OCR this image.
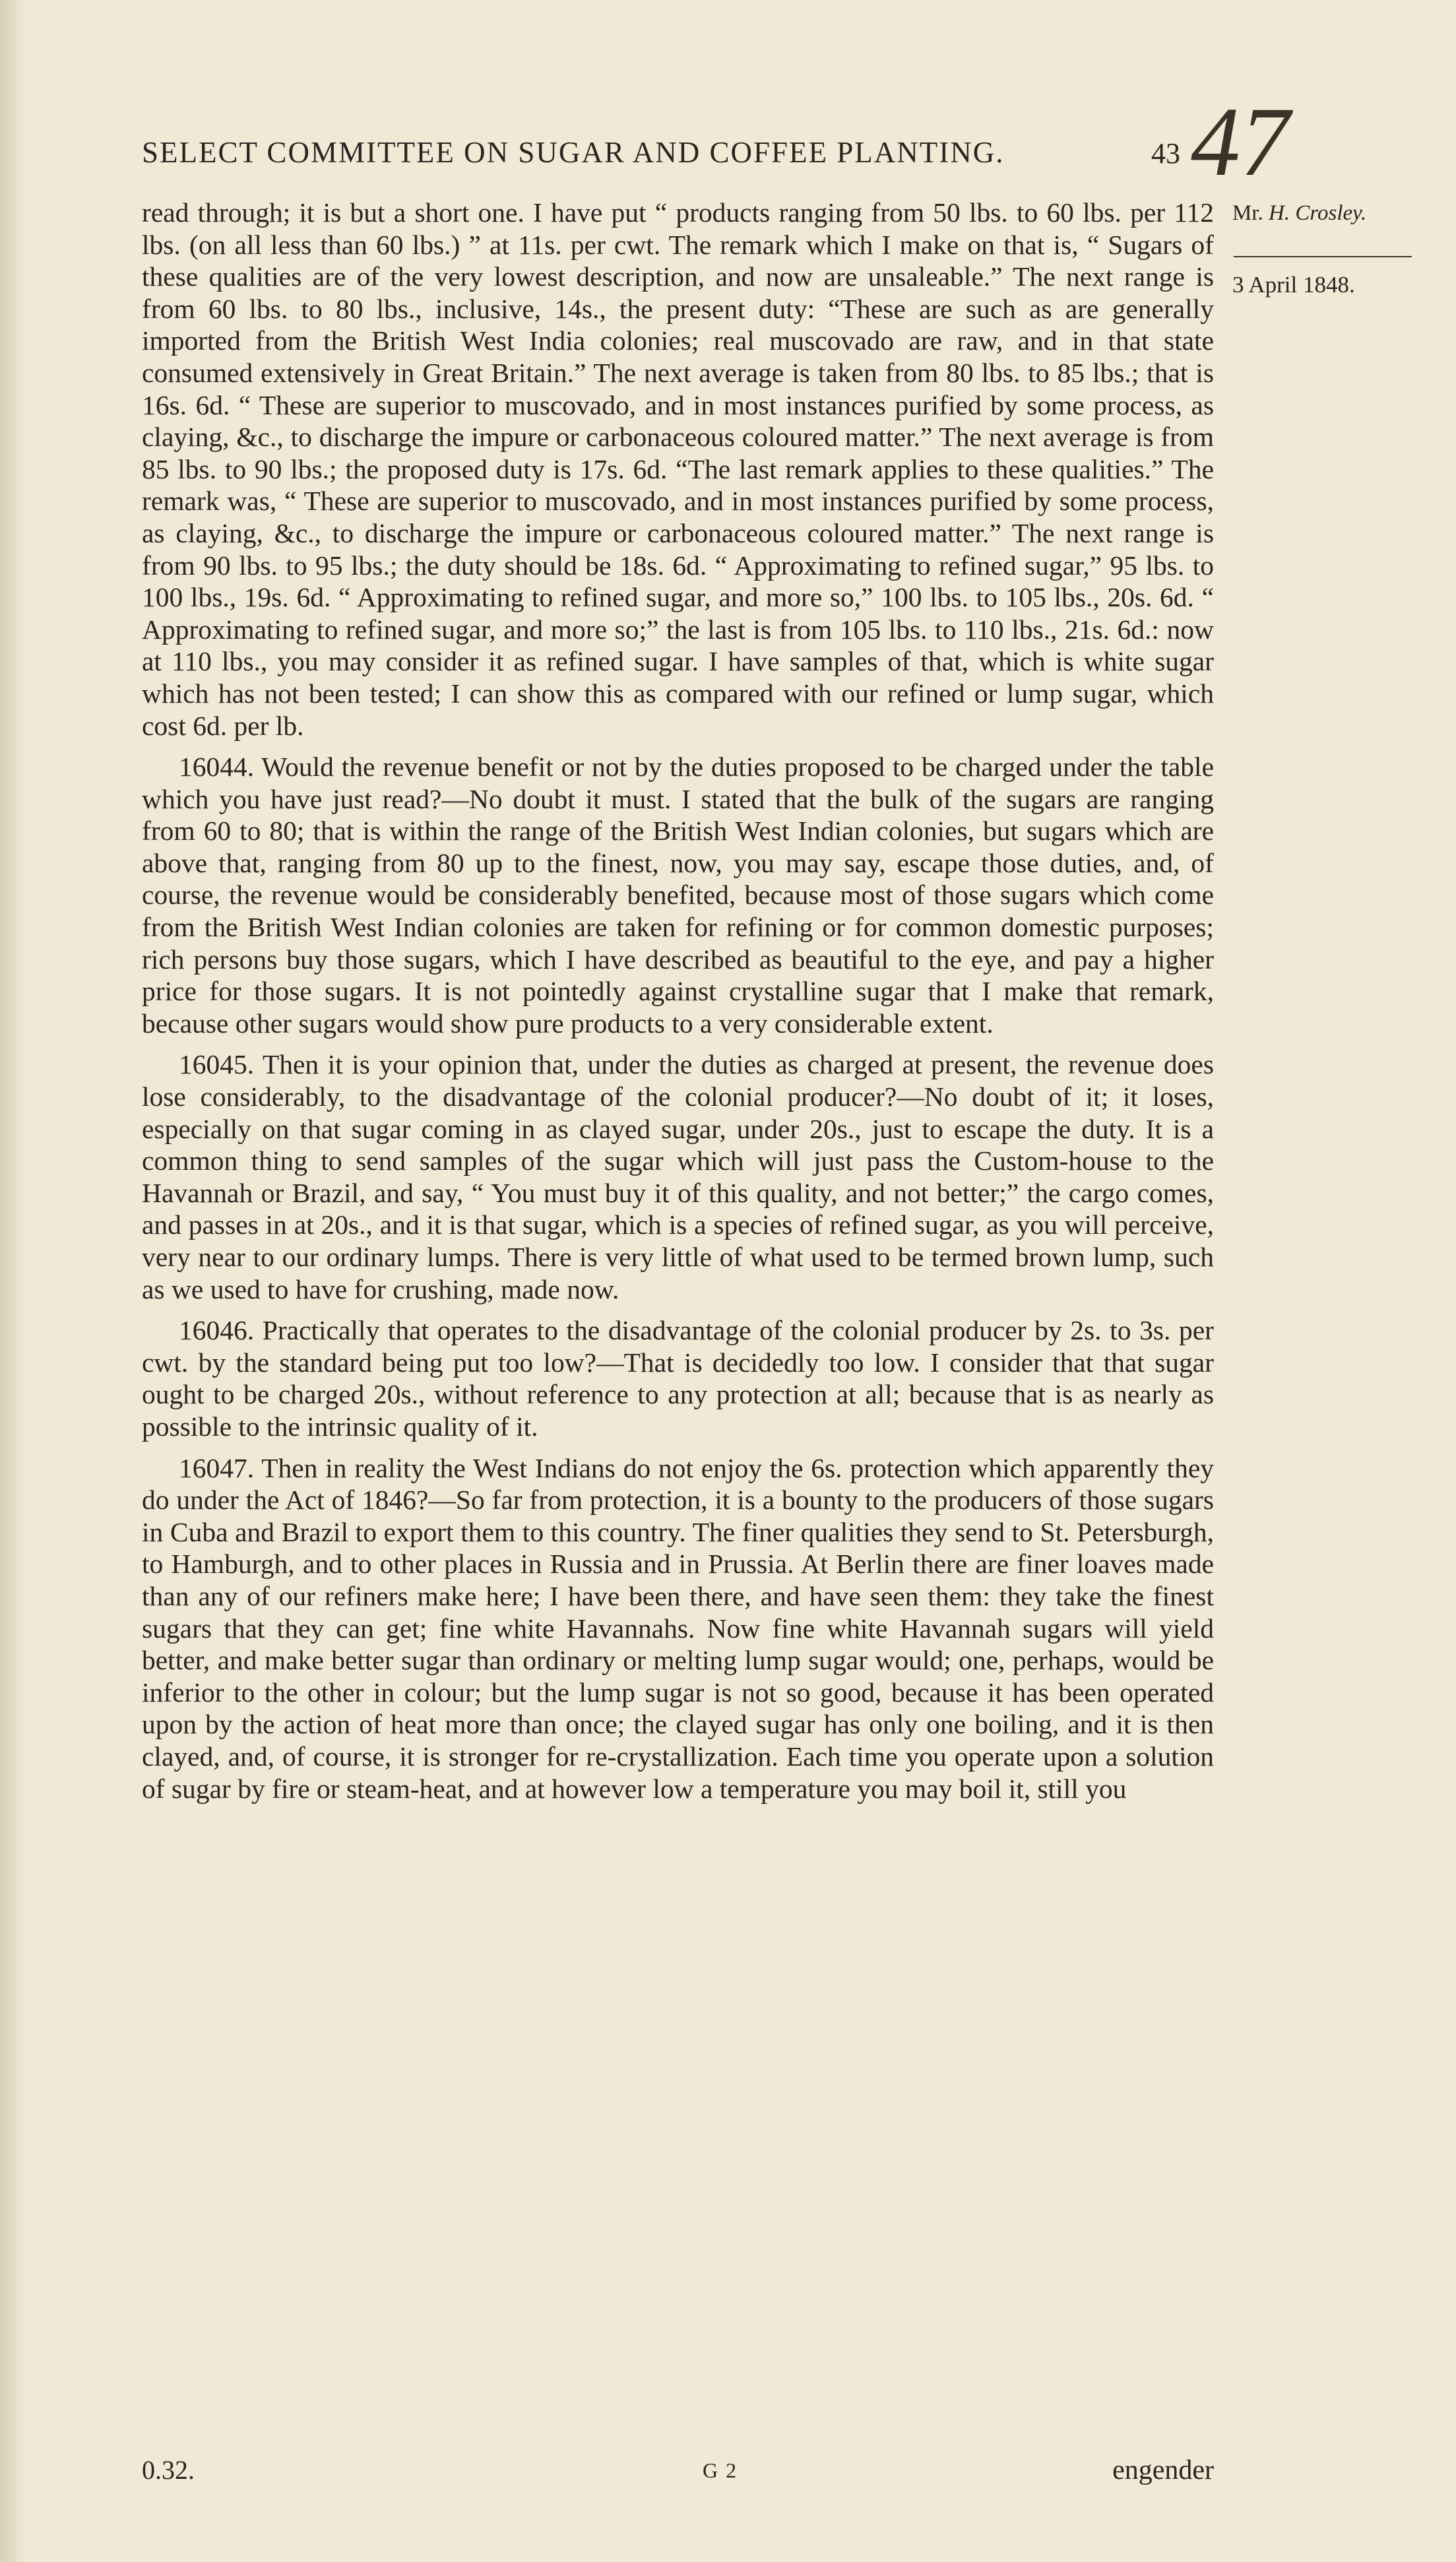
SELECT COMMITTEE ON SUGAR AND COFFEE PLANTING.	43 47
Mr. H. Crosley.
3 April 1848.

read through; it is but a short one. I have put “ products ranging from 50 lbs. to 60 lbs. per 112 lbs. (on all less than 60 lbs.) ” at 11s. per cwt. The remark which I make on that is, “ Sugars of these qualities are of the very lowest description, and now are unsaleable.” The next range is from 60 lbs. to 80 lbs., inclusive, 14s., the present duty: “These are such as are generally imported from the British West India colonies; real muscovado are raw, and in that state consumed extensively in Great Britain.” The next average is taken from 80 lbs. to 85 lbs.; that is 16s. 6d. “ These are superior to muscovado, and in most instances purified by some process, as claying, &c., to discharge the impure or carbonaceous coloured matter.” The next average is from 85 lbs. to 90 lbs.; the proposed duty is 17s. 6d. “The last remark applies to these qualities.” The remark was, “ These are superior to muscovado, and in most instances purified by some process, as claying, &c., to discharge the impure or carbonaceous coloured matter.” The next range is from 90 lbs. to 95 lbs.; the duty should be 18s. 6d. “ Approximating to refined sugar,” 95 lbs. to 100 lbs., 19s. 6d. “ Approximating to refined sugar, and more so,” 100 lbs. to 105 lbs., 20s. 6d. “ Approximating to refined sugar, and more so;” the last is from 105 lbs. to 110 lbs., 21s. 6d.: now at 110 lbs., you may consider it as refined sugar. I have samples of that, which is white sugar which has not been tested; I can show this as compared with our refined or lump sugar, which cost 6d. per lb.

16044. Would the revenue benefit or not by the duties proposed to be charged under the table which you have just read?—No doubt it must. I stated that the bulk of the sugars are ranging from 60 to 80; that is within the range of the British West Indian colonies, but sugars which are above that, ranging from 80 up to the finest, now, you may say, escape those duties, and, of course, the revenue would be considerably benefited, because most of those sugars which come from the British West Indian colonies are taken for refining or for common domestic purposes; rich persons buy those sugars, which I have described as beautiful to the eye, and pay a higher price for those sugars. It is not pointedly against crystalline sugar that I make that remark, because other sugars would show pure products to a very considerable extent.

16045. Then it is your opinion that, under the duties as charged at present, the revenue does lose considerably, to the disadvantage of the colonial producer?—No doubt of it; it loses, especially on that sugar coming in as clayed sugar, under 20s., just to escape the duty. It is a common thing to send samples of the sugar which will just pass the Custom-house to the Havannah or Brazil, and say, “ You must buy it of this quality, and not better;” the cargo comes, and passes in at 20s., and it is that sugar, which is a species of refined sugar, as you will perceive, very near to our ordinary lumps. There is very little of what used to be termed brown lump, such as we used to have for crushing, made now.

16046. Practically that operates to the disadvantage of the colonial producer by 2s. to 3s. per cwt. by the standard being put too low?—That is decidedly too low. I consider that that sugar ought to be charged 20s., without reference to any protection at all; because that is as nearly as possible to the intrinsic quality of it.

16047. Then in reality the West Indians do not enjoy the 6s. protection which apparently they do under the Act of 1846?—So far from protection, it is a bounty to the producers of those sugars in Cuba and Brazil to export them to this country. The finer qualities they send to St. Petersburgh, to Hamburgh, and to other places in Russia and in Prussia. At Berlin there are finer loaves made than any of our refiners make here; I have been there, and have seen them: they take the finest sugars that they can get; fine white Havannahs. Now fine white Havannah sugars will yield better, and make better sugar than ordinary or melting lump sugar would; one, perhaps, would be inferior to the other in colour; but the lump sugar is not so good, because it has been operated upon by the action of heat more than once; the clayed sugar has only one boiling, and it is then clayed, and, of course, it is stronger for re-crystallization. Each time you operate upon a solution of sugar by fire or steam-heat, and at however low a temperature you may boil it, still you

0.32.	G 2	engender
